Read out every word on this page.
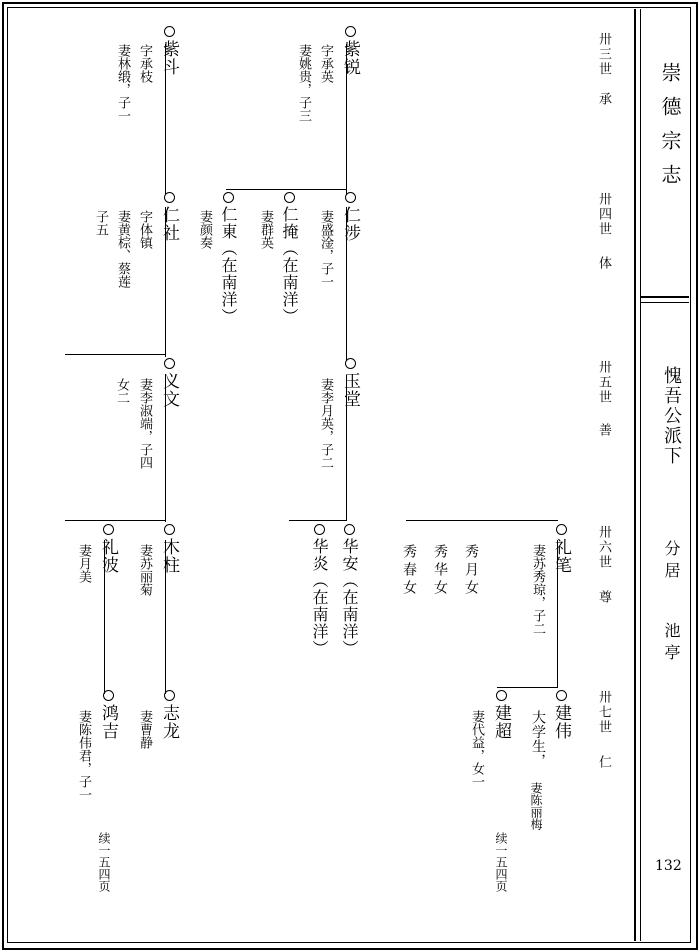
崇德宗志
愧吾公派下
分居
池亭
132
卅三世
承
卅四世
体
卅五世
善
卅六世
尊
卅七世
仁
紫锐
字承英
妻姚贵，子三
紫斗
字承枝
妻林缎，子一
仁涉
妻盛淦，子一
仁掩（在南洋）
妻群英
仁東（在南洋）
妻颜奏
仁社
字体镇
妻黄棕、蔡莲
子五
玉堂
妻李月英，子二
义文
妻李淑端，子四
女二
礼笔
妻苏秀琼，子二
秀月女
秀华女
秀春女
华安（在南洋）
华炎（在南洋）
木柱
妻苏丽菊
礼波
妻月美
建伟
大学生，
妻陈丽梅
建超
妻代益，女一
志龙
妻曹静
鸿吉
妻陈伟君，子一
续一五四页
续一五四页
